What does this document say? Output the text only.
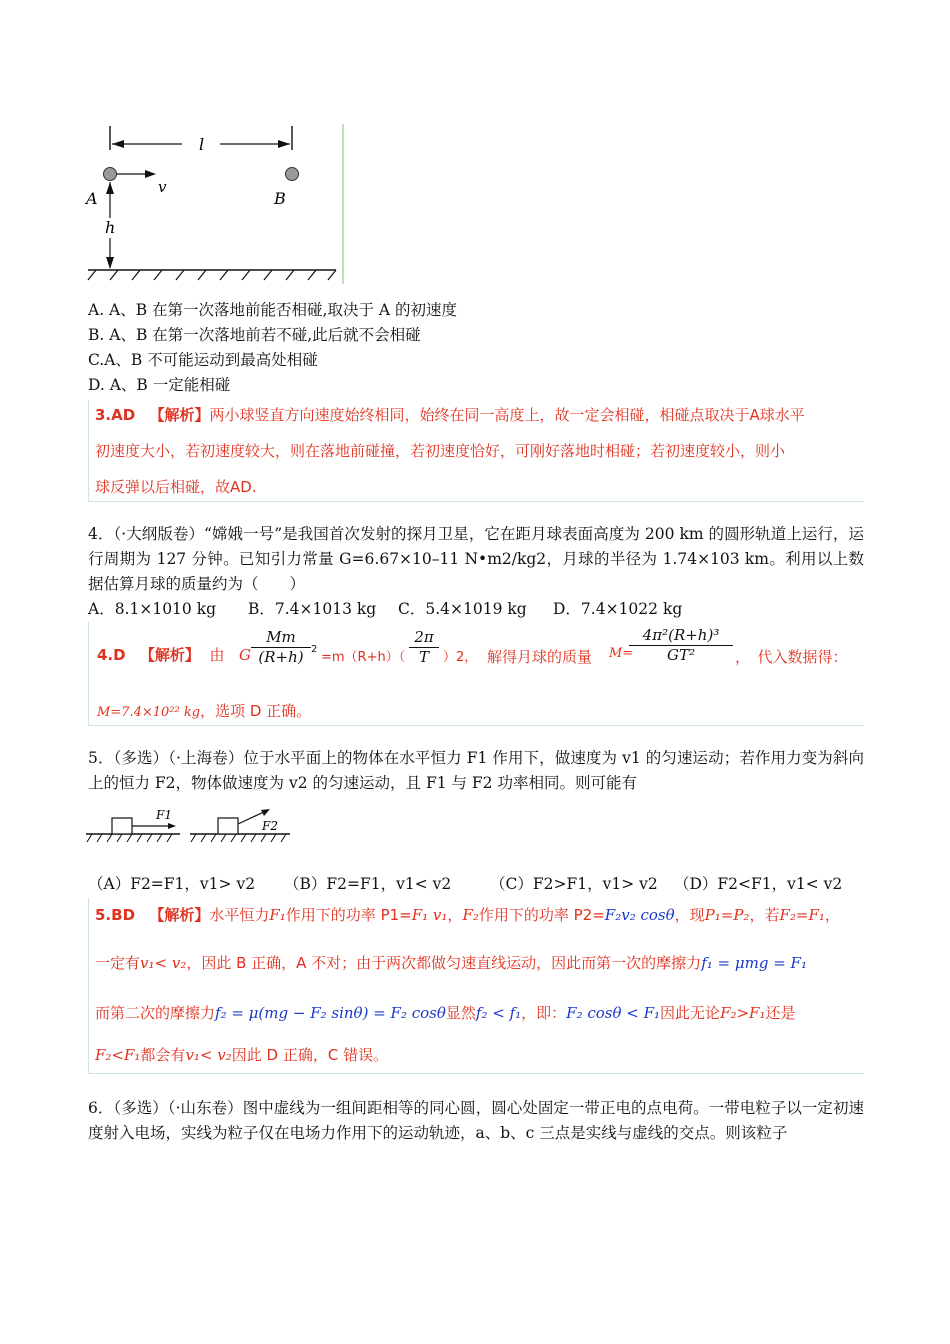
l
v
A	B
h
A. A、B 在第一次落地前能否相碰,取决于 A 的初速度
B. A、B 在第一次落地前若不碰,此后就不会相碰
C.A、B 不可能运动到最高处相碰
D. A、B 一定能相碰
3.AD 【解析】两小球竖直方向速度始终相同，始终在同一高度上，故一定会相碰，相碰点取决于A球水平
初速度大小，若初速度较大，则在落地前碰撞，若初速度恰好，可刚好落地时相碰；若初速度较小，则小
球反弹以后相碰，故AD.
4．（·大纲版卷）“嫦娥一号”是我国首次发射的探月卫星，它在距月球表面高度为 200 km 的圆形轨道上运行，运行周期为 127 分钟。已知引力常量 G=6.67×10–11 N•m2/kg2，月球的半径为 1.74×103 km。利用以上数据估算月球的质量约为（　　）
A．8.1×1010 kg B．7.4×1013 kg C．5.4×1019 kg D．7.4×1022 kg
4.D 【解析】 由 G $\frac{Mm}{(R+h)} 2$
$=m(R+h)( \frac{2\pi}{T} )2$， 解得月球的质量 M=
$\frac{\text{4π²(R+h)³}}{\text{GT²}}$ ，　代入数据得：
M=7.4×10²² kg，选项 D 正确。
5．（多选）（·上海卷）位于水平面上的物体在水平恒力 F1 作用下，做速度为 v1 的匀速运动；若作用力变为斜向上的恒力 F2，物体做速度为 v2 的匀速运动，且 F1 与 F2 功率相同。则可能有
F1
F2
（A）F2=F1，v1> v2 （B）F2=F1，v1< v2 （C）F2>F1，v1> v2 （D）F2<F1，v1< v2
5.BD 【解析】水平恒力F₁作用下的功率 P1=F₁ v₁，F₂作用下的功率 P2=F₂v₂ cosθ，现P₁=P₂，若F₂=F₁，
一定有v₁< v₂，因此 B 正确，A 不对；由于两次都做匀速直线运动，因此而第一次的摩擦力f₁ = μmg = F₁
而第二次的摩擦力f₂ = μ(mg − F₂ sinθ) = F₂ cosθ显然f₂ < f₁，即：F₂ cosθ < F₁因此无论F₂>F₁还是
F₂<F₁都会有v₁< v₂因此 D 正确，C 错误。
6．（多选）（·山东卷）图中虚线为一组间距相等的同心圆，圆心处固定一带正电的点电荷。一带电粒子以一定初速度射入电场，实线为粒子仅在电场力作用下的运动轨迹，a、b、c 三点是实线与虚线的交点。则该粒子
